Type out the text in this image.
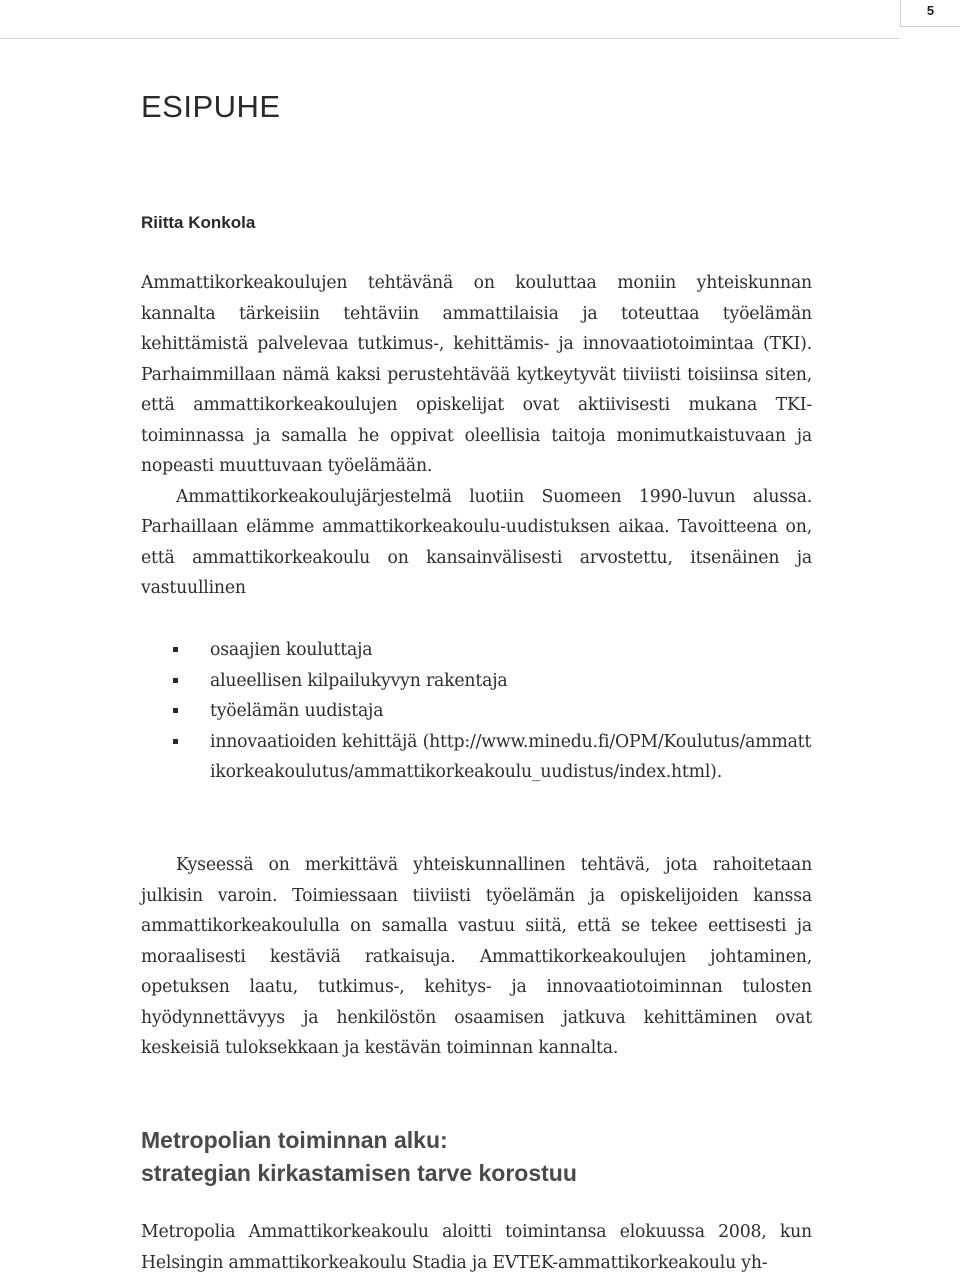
5
ESIPUHE
Riitta Konkola

Ammattikorkeakoulujen tehtävänä on kouluttaa moniin yhteiskunnan kannalta tärkeisiin tehtäviin ammattilaisia ja toteuttaa työelämän kehittämistä palvelevaa tutkimus-, kehittämis- ja innovaatiotoimintaa (TKI). Parhaimmillaan nämä kaksi perustehtävää kytkeytyvät tiiviisti toisiinsa siten, että ammattikorkeakoulujen opiskelijat ovat aktiivisesti mukana TKI-toiminnassa ja samalla he oppivat oleellisia taitoja monimutkaistuvaan ja nopeasti muuttuvaan työelämään.

Ammattikorkeakoulujärjestelmä luotiin Suomeen 1990-luvun alussa. Parhaillaan elämme ammattikorkeakoulu-uudistuksen aikaa. Tavoitteena on, että ammattikorkeakoulu on kansainvälisesti arvostettu, itsenäinen ja vastuullinen

osaajien kouluttaja
alueellisen kilpailukyvyn rakentaja
työelämän uudistaja
innovaatioiden kehittäjä (http://www.minedu.fi/OPM/Koulutus/ammattikorkeakoulutus/ammattikorkeakoulu_uudistus/index.html).

Kyseessä on merkittävä yhteiskunnallinen tehtävä, jota rahoitetaan julkisin varoin. Toimiessaan tiiviisti työelämän ja opiskelijoiden kanssa ammattikorkeakoululla on samalla vastuu siitä, että se tekee eettisesti ja moraalisesti kestäviä ratkaisuja. Ammattikorkeakoulujen johtaminen, opetuksen laatu, tutkimus-, kehitys- ja innovaatiotoiminnan tulosten hyödynnettävyys ja henkilöstön osaamisen jatkuva kehittäminen ovat keskeisiä tuloksekkaan ja kestävän toiminnan kannalta.

Metropolian toiminnan alku:
strategian kirkastamisen tarve korostuu

Metropolia Ammattikorkeakoulu aloitti toimintansa elokuussa 2008, kun Helsingin ammattikorkeakoulu Stadia ja EVTEK-ammattikorkeakoulu yh-
